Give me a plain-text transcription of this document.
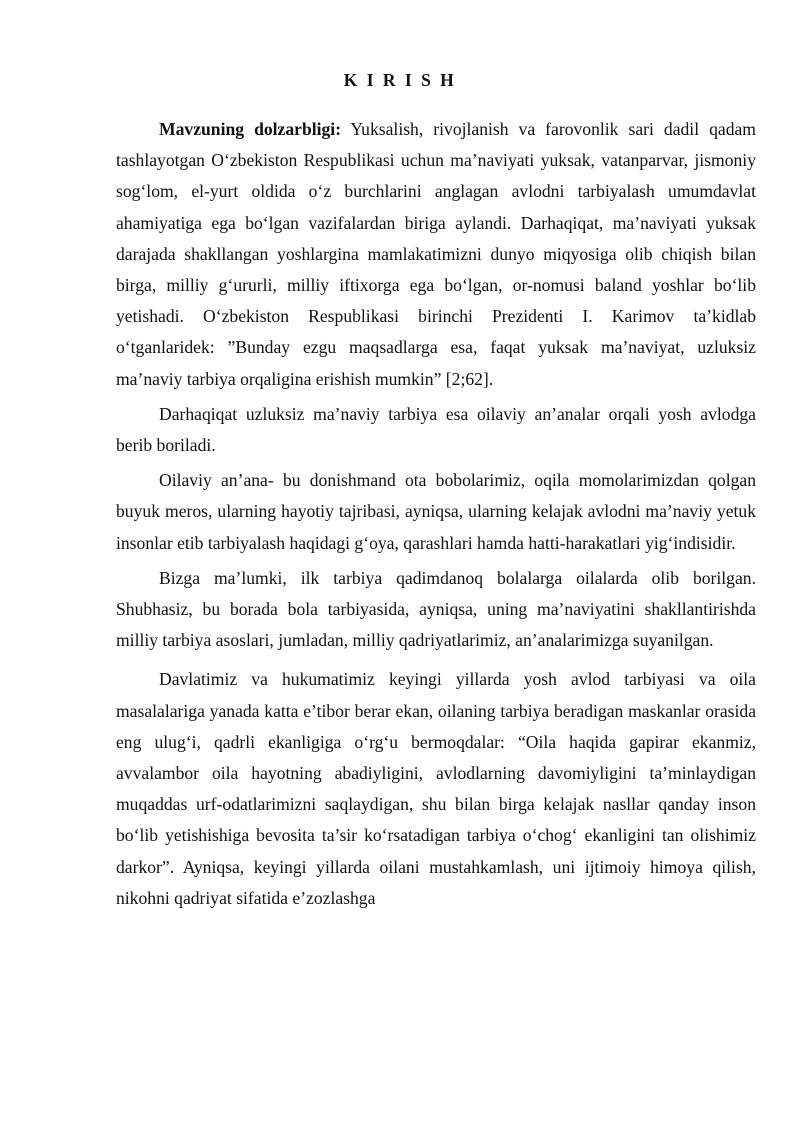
K I R I S H

Mavzuning dolzarbligi: Yuksalish, rivojlanish va farovonlik sari dadil qadam tashlayotgan O‘zbekiston Respublikasi uchun ma’naviyati yuksak, vatanparvar, jismoniy sog‘lom, el-yurt oldida o‘z burchlarini anglagan avlodni tarbiyalash umumdavlat ahamiyatiga ega bo‘lgan vazifalardan biriga aylandi. Darhaqiqat, ma’naviyati yuksak darajada shakllangan yoshlargina mamlakatimizni dunyo miqyosiga olib chiqish bilan birga, milliy g‘ururli, milliy iftixorga ega bo‘lgan, or-nomusi baland yoshlar bo‘lib yetishadi. O‘zbekiston Respublikasi birinchi Prezidenti I. Karimov ta’kidlab o‘tganlaridek: ”Bunday ezgu maqsadlarga esa, faqat yuksak ma’naviyat, uzluksiz ma’naviy tarbiya orqaligina erishish mumkin” [2;62].

Darhaqiqat uzluksiz ma’naviy tarbiya esa oilaviy an’analar orqali yosh avlodga berib boriladi.

Oilaviy an’ana- bu donishmand ota bobolarimiz, oqila momolarimizdan qolgan buyuk meros, ularning hayotiy tajribasi, ayniqsa, ularning kelajak avlodni ma’naviy yetuk insonlar etib tarbiyalash haqidagi g‘oya, qarashlari hamda hatti-harakatlari yig‘indisidir.

Bizga ma’lumki, ilk tarbiya qadimdanoq bolalarga oilalarda olib borilgan. Shubhasiz, bu borada bola tarbiyasida, ayniqsa, uning ma’naviyatini shakllantirishda milliy tarbiya asoslari, jumladan, milliy qadriyatlarimiz, an’analarimizga suyanilgan.

Davlatimiz va hukumatimiz keyingi yillarda yosh avlod tarbiyasi va oila masalalariga yanada katta e’tibor berar ekan, oilaning tarbiya beradigan maskanlar orasida eng ulug‘i, qadrli ekanligiga o‘rg‘u bermoqdalar: “Oila haqida gapirar ekanmiz, avvalambor oila hayotning abadiyligini, avlodlarning davomiyligini ta’minlaydigan muqaddas urf-odatlarimizni saqlaydigan, shu bilan birga kelajak nasllar qanday inson bo‘lib yetishishiga bevosita ta’sir ko‘rsatadigan tarbiya o‘chog‘ ekanligini tan olishimiz darkor”. Ayniqsa, keyingi yillarda oilani mustahkamlash, uni ijtimoiy himoya qilish, nikohni qadriyat sifatida e’zozlashga
